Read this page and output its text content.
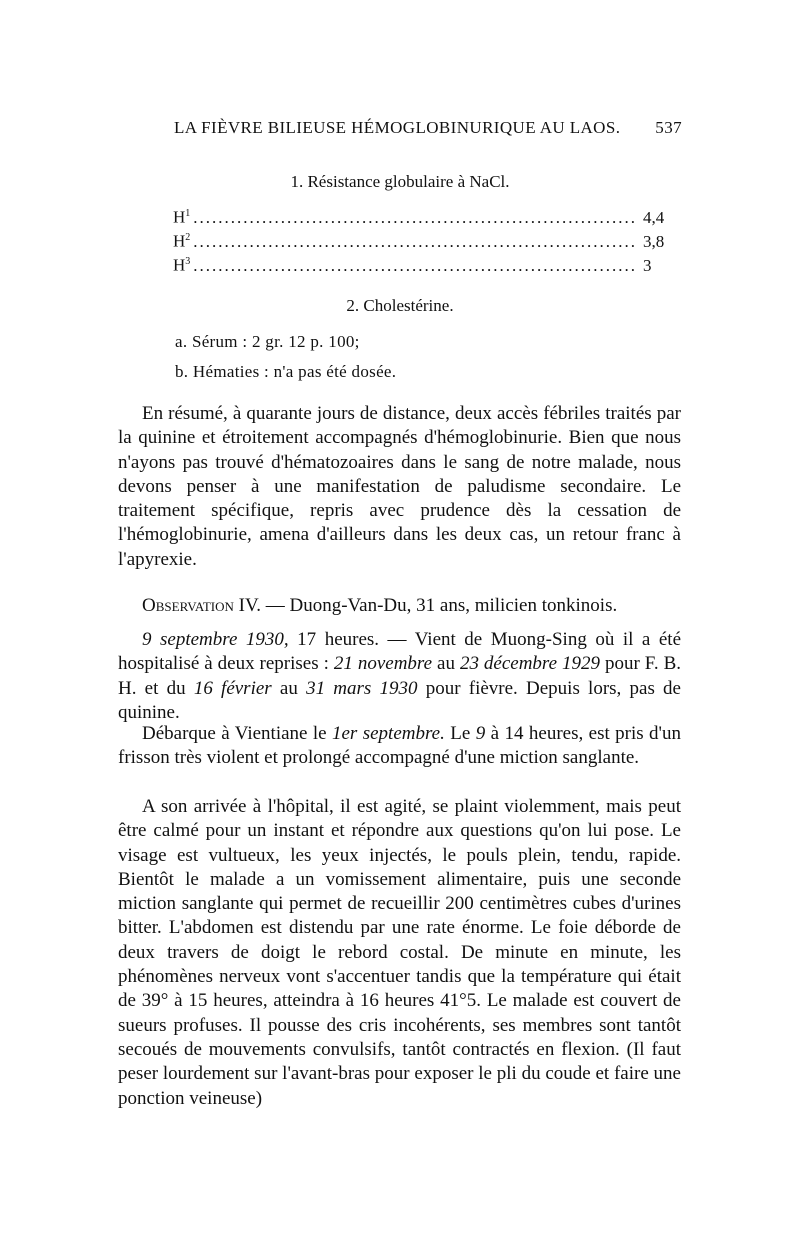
LA FIÈVRE BILIEUSE HÉMOGLOBINURIQUE AU LAOS. 537
1. Résistance globulaire à NaCl.
$H^1$ ....................................................................... 4,4
$H^2$ ....................................................................... 3,8
$H^3$ ....................................................................... 3
2. Cholestérine.
a. Sérum : 2 gr. 12 p. 100;
b. Hématies : n'a pas été dosée.

En résumé, à quarante jours de distance, deux accès fébriles traités par la quinine et étroitement accompagnés d'hémoglobinurie. Bien que nous n'ayons pas trouvé d'hématozoaires dans le sang de notre malade, nous devons penser à une manifestation de paludisme secondaire. Le traitement spécifique, repris avec prudence dès la cessation de l'hémoglobinurie, amena d'ailleurs dans les deux cas, un retour franc à l'apyrexie.

Observation IV. — Duong-Van-Du, 31 ans, milicien tonkinois.

9 septembre 1930, 17 heures. — Vient de Muong-Sing où il a été hospitalisé à deux reprises : 21 novembre au 23 décembre 1929 pour F. B. H. et du 16 février au 31 mars 1930 pour fièvre. Depuis lors, pas de quinine.

Débarque à Vientiane le 1er septembre. Le 9 à 14 heures, est pris d'un frisson très violent et prolongé accompagné d'une miction sanglante.

A son arrivée à l'hôpital, il est agité, se plaint violemment, mais peut être calmé pour un instant et répondre aux questions qu'on lui pose. Le visage est vultueux, les yeux injectés, le pouls plein, tendu, rapide. Bientôt le malade a un vomissement alimentaire, puis une seconde miction sanglante qui permet de recueillir 200 centimètres cubes d'urines bitter. L'abdomen est distendu par une rate énorme. Le foie déborde de deux travers de doigt le rebord costal. De minute en minute, les phénomènes nerveux vont s'accentuer tandis que la température qui était de 39° à 15 heures, atteindra à 16 heures 41°5. Le malade est couvert de sueurs profuses. Il pousse des cris incohérents, ses membres sont tantôt secoués de mouvements convulsifs, tantôt contractés en flexion. (Il faut peser lourdement sur l'avant-bras pour exposer le pli du coude et faire une ponction veineuse)
